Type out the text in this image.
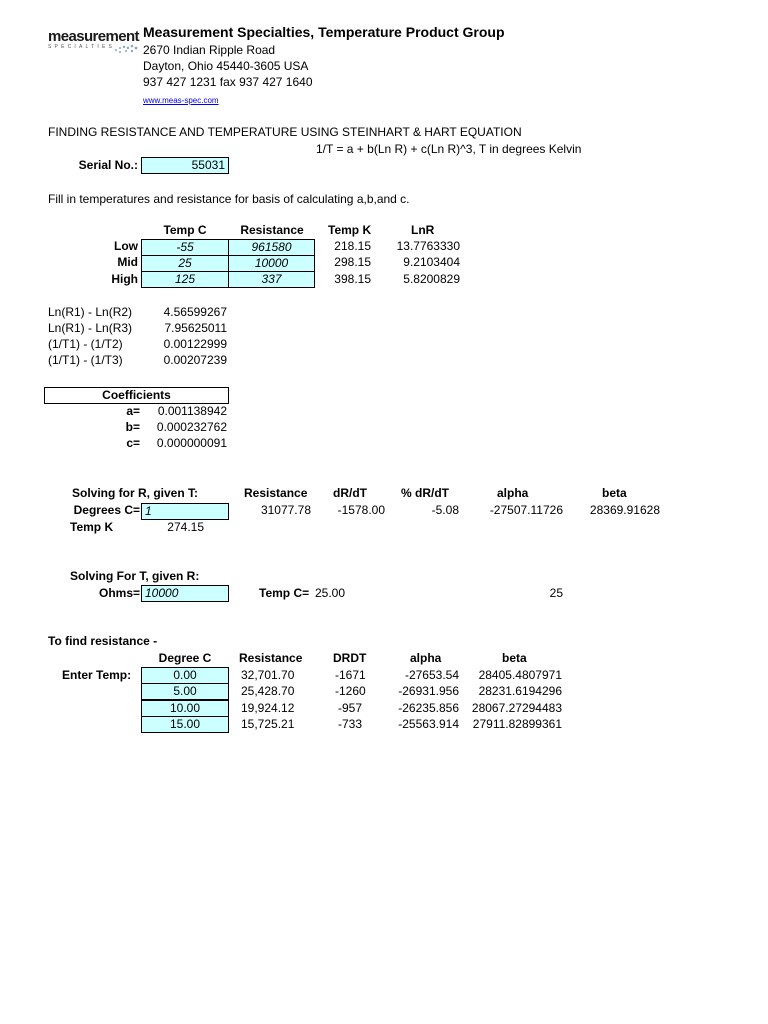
measurement
SPECIALTIES
Measurement Specialties, Temperature Product Group
2670 Indian Ripple Road
Dayton, Ohio 45440-3605 USA
937 427 1231 fax 937 427 1640
www.meas-spec.com
FINDING RESISTANCE AND TEMPERATURE USING STEINHART & HART EQUATION
1/T = a + b(Ln R) + c(Ln R)^3, T in degrees Kelvin
Serial No.:	55031
Fill in temperatures and resistance for basis of calculating a,b,and c.
Temp C	Resistance	Temp K	LnR
Low	-55	961580	218.15	13.7763330
Mid	25	10000	298.15	9.2103404
High	125	337	398.15	5.8200829
Ln(R1) - Ln(R2)	4.56599267
Ln(R1) - Ln(R3)	7.95625011
(1/T1) - (1/T2)	0.00122999
(1/T1) - (1/T3)	0.00207239
Coefficients
a=	0.001138942
b=	0.000232762
c=	0.000000091
Solving for R, given T:	Resistance dR/dT	% dR/dT	alpha	beta
Degrees C= 1	31077.78	-1578.00	-5.08	-27507.11726	28369.91628
Temp K	274.15
Solving For T, given R:
Ohms= 10000	Temp C= 25.00	25
To find resistance -
Degree C	Resistance	DRDT	alpha	beta
Enter Temp:	0.00	32,701.70	-1671	-27653.54	28405.4807971
5.00	25,428.70	-1260	-26931.956	28231.6194296
10.00	19,924.12	-957	-26235.856	28067.27294483
15.00	15,725.21	-733	-25563.914	27911.82899361
